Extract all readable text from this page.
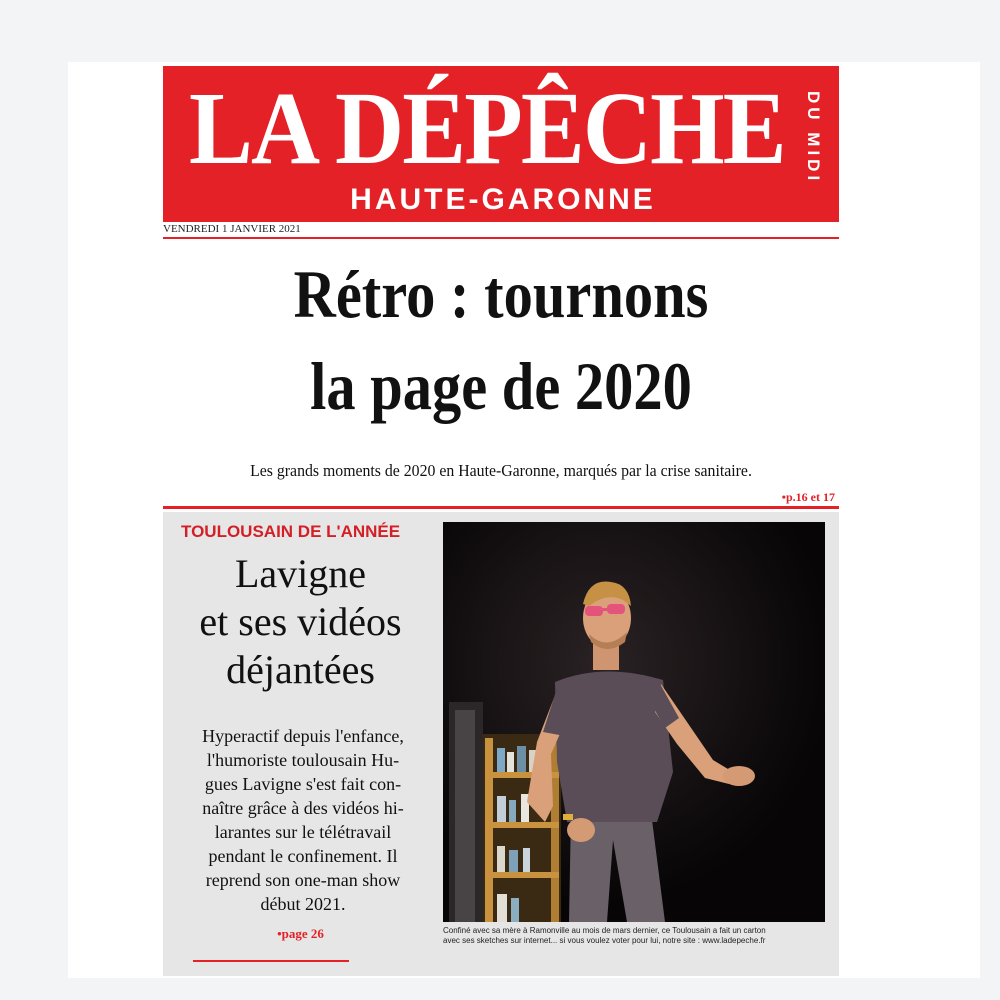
LA DÉPÊCHE	DU MIDI
HAUTE-GARONNE
VENDREDI 1 JANVIER 2021
Rétro : tournons
la page de 2020
Les grands moments de 2020 en Haute-Garonne, marqués par la crise sanitaire.
•p.16 et 17
TOULOUSAIN DE L'ANNÉE
Lavigne
et ses vidéos
déjantées
Hyperactif depuis l'enfance,
l'humoriste toulousain Hu-
gues Lavigne s'est fait con-
naître grâce à des vidéos hi-
larantes sur le télétravail
pendant le confinement. Il
reprend son one-man show
début 2021.
•page 26	Confiné avec sa mère à Ramonville au mois de mars dernier, ce Toulousain a fait un carton
avec ses sketches sur internet... si vous voulez voter pour lui, notre site : www.ladepeche.fr
